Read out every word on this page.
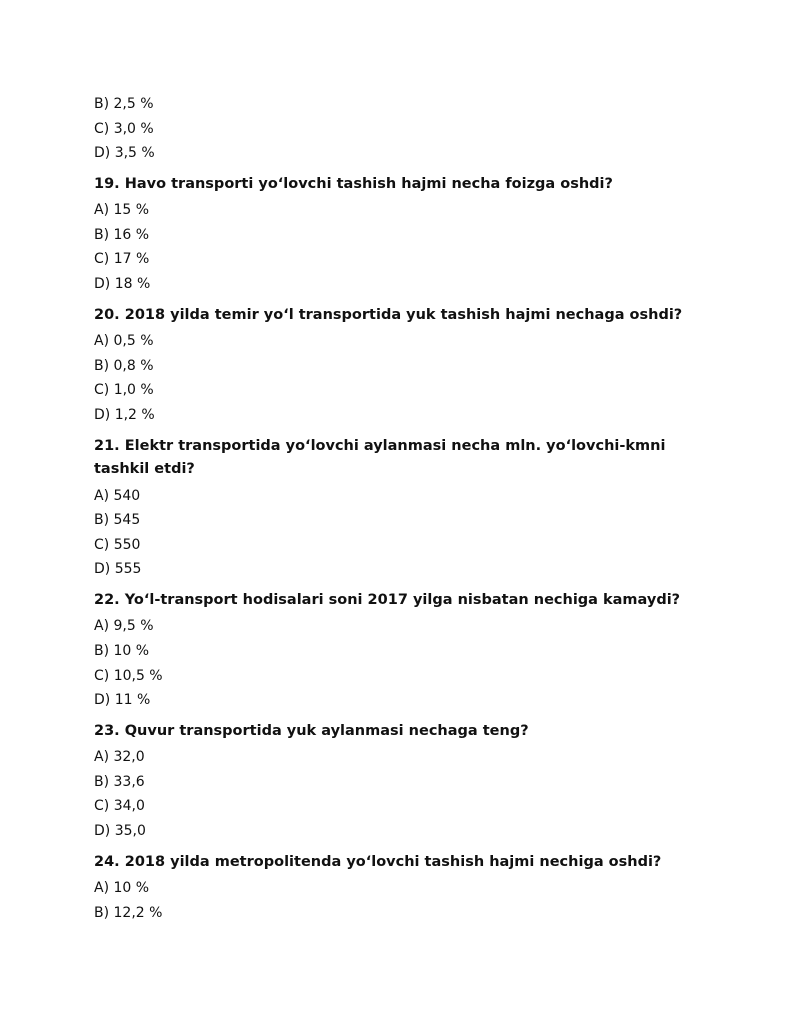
B) 2,5 %
C) 3,0 %
D) 3,5 %
19. Havo transporti yo‘lovchi tashish hajmi necha foizga oshdi?
A) 15 %
B) 16 %
C) 17 %
D) 18 %
20. 2018 yilda temir yo‘l transportida yuk tashish hajmi nechaga oshdi?
A) 0,5 %
B) 0,8 %
C) 1,0 %
D) 1,2 %
21. Elektr transportida yo‘lovchi aylanmasi necha mln. yo‘lovchi-kmni tashkil etdi?
A) 540
B) 545
C) 550
D) 555
22. Yo‘l-transport hodisalari soni 2017 yilga nisbatan nechiga kamaydi?
A) 9,5 %
B) 10 %
C) 10,5 %
D) 11 %
23. Quvur transportida yuk aylanmasi nechaga teng?
A) 32,0
B) 33,6
C) 34,0
D) 35,0
24. 2018 yilda metropolitenda yo‘lovchi tashish hajmi nechiga oshdi?
A) 10 %
B) 12,2 %
